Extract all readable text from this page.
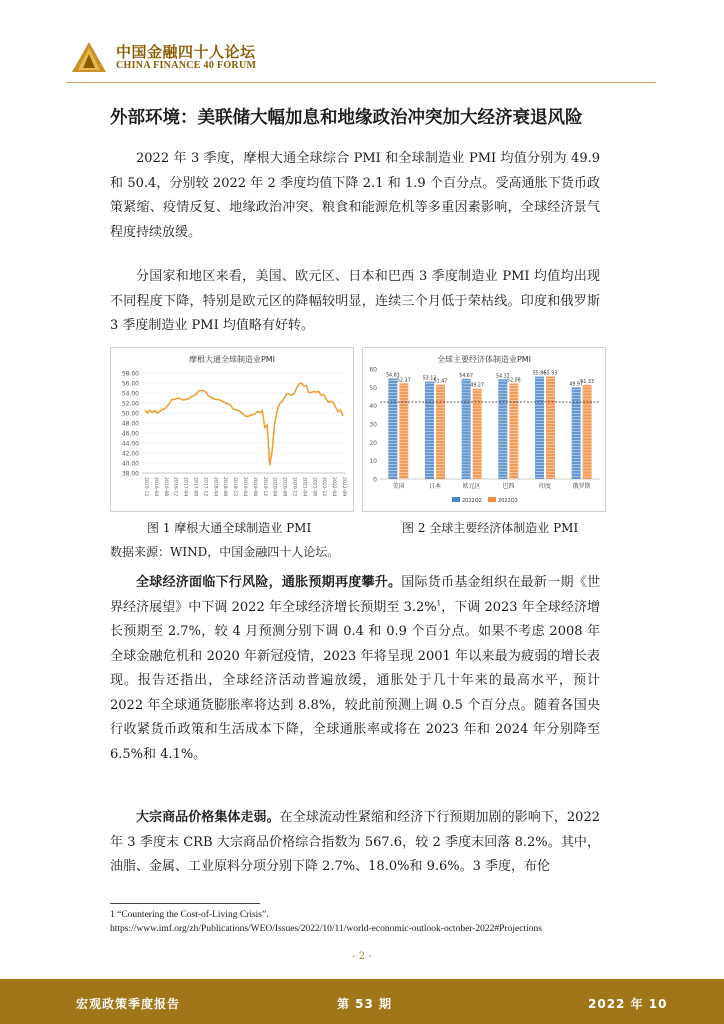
中国金融四十人论坛
CHINA FINANCE 40 FORUM
外部环境：美联储大幅加息和地缘政治冲突加大经济衰退风险

2022 年 3 季度，摩根大通全球综合 PMI 和全球制造业 PMI 均值分别为 49.9 和 50.4，分别较 2022 年 2 季度均值下降 2.1 和 1.9 个百分点。受高通胀下货币政策紧缩、疫情反复、地缘政治冲突、粮食和能源危机等多重因素影响，全球经济景气程度持续放缓。

分国家和地区来看，美国、欧元区、日本和巴西 3 季度制造业 PMI 均值均出现不同程度下降，特别是欧元区的降幅较明显，连续三个月低于荣枯线。印度和俄罗斯 3 季度制造业 PMI 均值略有好转。

摩根大通全球制造业PMI
38.00
40.00
42.00
44.00
46.00
48.00
50.00
52.00
54.00
56.00
58.00
2015-12 2016-04 2016-08 2016-12 2017-04 2017-08 2017-12 2018-04 2018-08 2018-12 2019-04 2019-08 2019-12 2020-04 2020-08 2020-12 2021-04 2021-08 2021-12 2022-04 2022-09
全球主要经济体制造业PMI
0
10
20
30
40
50
60
54.83
52.17
美国
53.12
51.47
日本
54.67
49.27
欧元区
54.37
52.08
巴西
55.86
55.93
印度
49.97
51.33
俄罗斯
2022Q2	2022Q3
图 1 摩根大通全球制造业 PMI	图 2 全球主要经济体制造业 PMI
数据来源：WIND，中国金融四十人论坛。

全球经济面临下行风险，通胀预期再度攀升。国际货币基金组织在最新一期《世界经济展望》中下调 2022 年全球经济增长预期至 3.2%$^1$，下调 2023 年全球经济增长预期至 2.7%，较 4 月预测分别下调 0.4 和 0.9 个百分点。如果不考虑 2008 年全球金融危机和 2020 年新冠疫情，2023 年将呈现 2001 年以来最为疲弱的增长表现。报告还指出，全球经济活动普遍放缓，通胀处于几十年来的最高水平，预计 2022 年全球通货膨胀率将达到 8.8%，较此前预测上调 0.5 个百分点。随着各国央行收紧货币政策和生活成本下降，全球通胀率或将在 2023 年和 2024 年分别降至 6.5%和 4.1%。

大宗商品价格集体走弱。在全球流动性紧缩和经济下行预期加剧的影响下，2022 年 3 季度末 CRB 大宗商品价格综合指数为 567.6，较 2 季度末回落 8.2%。其中，油脂、金属、工业原料分项分别下降 2.7%、18.0%和 9.6%。3 季度，布伦

1 “Countering the Cost-of-Living Crisis”.
https://www.imf.org/zh/Publications/WEO/Issues/2022/10/11/world-economic-outlook-october-2022#Projections
- 2 -
宏观政策季度报告	第 53 期	2022 年 10
